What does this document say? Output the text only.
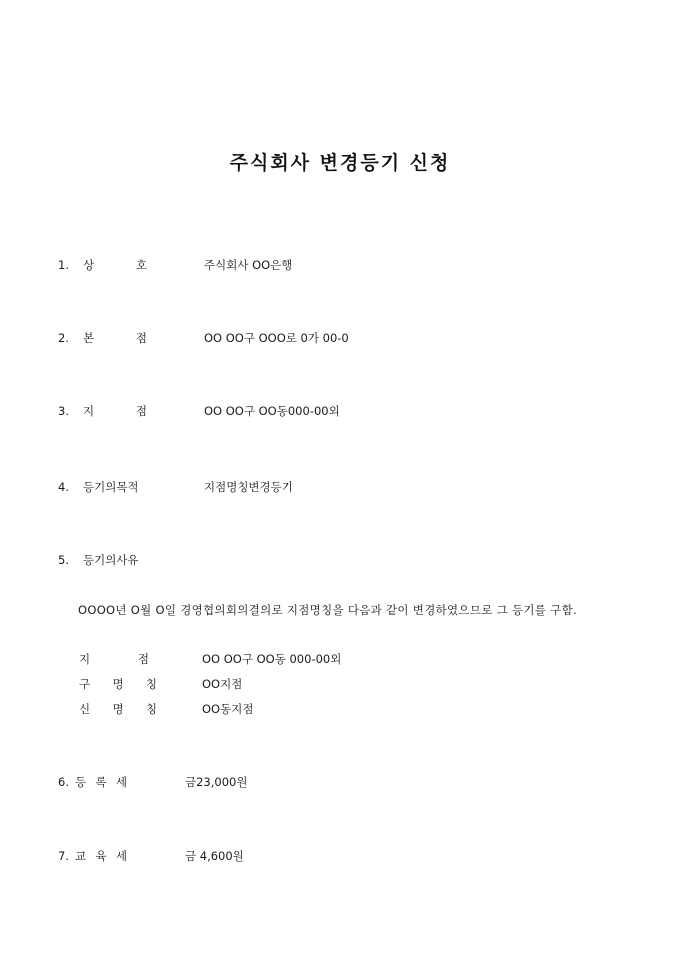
주식회사 변경등기 신청
1. 상	호	주식회사 OO은행
2. 본	점	OO OO구 OOO로 0가 00-0
3. 지	점	OO OO구 OO동000-00외
4. 등기의목적	지점명칭변경등기
5. 등기의사유
OOOO년 O월 O일 경영협의회의결의로 지점명칭을 다음과 같이 변경하였으므로 그 등기를 구함.
지	점	OO OO구 OO동 000-00외
구 명 칭	OO지점
신 명 칭	OO동지점
6. 등 록 세	금23,000원
7. 교 육 세	금 4,600원
